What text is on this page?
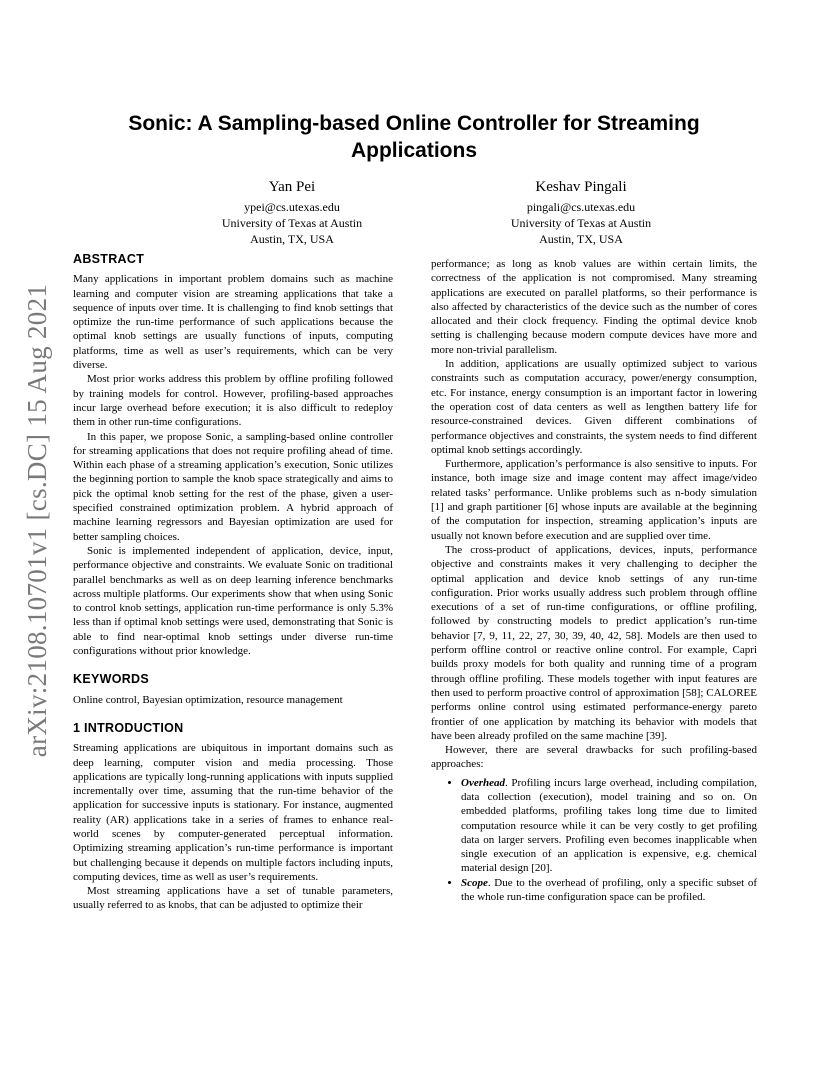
arXiv:2108.10701v1 [cs.DC] 15 Aug 2021
Sonic: A Sampling-based Online Controller for Streaming Applications
Yan Pei
ypei@cs.utexas.edu
University of Texas at Austin
Austin, TX, USA
Keshav Pingali
pingali@cs.utexas.edu
University of Texas at Austin
Austin, TX, USA
ABSTRACT

Many applications in important problem domains such as machine learning and computer vision are streaming applications that take a sequence of inputs over time. It is challenging to find knob settings that optimize the run-time performance of such applications because the optimal knob settings are usually functions of inputs, computing platforms, time as well as user’s requirements, which can be very diverse.

Most prior works address this problem by offline profiling followed by training models for control. However, profiling-based approaches incur large overhead before execution; it is also difficult to redeploy them in other run-time configurations.

In this paper, we propose Sonic, a sampling-based online controller for streaming applications that does not require profiling ahead of time. Within each phase of a streaming application’s execution, Sonic utilizes the beginning portion to sample the knob space strategically and aims to pick the optimal knob setting for the rest of the phase, given a user-specified constrained optimization problem. A hybrid approach of machine learning regressors and Bayesian optimization are used for better sampling choices.

Sonic is implemented independent of application, device, input, performance objective and constraints. We evaluate Sonic on traditional parallel benchmarks as well as on deep learning inference benchmarks across multiple platforms. Our experiments show that when using Sonic to control knob settings, application run-time performance is only 5.3% less than if optimal knob settings were used, demonstrating that Sonic is able to find near-optimal knob settings under diverse run-time configurations without prior knowledge.

KEYWORDS

Online control, Bayesian optimization, resource management

1 INTRODUCTION

Streaming applications are ubiquitous in important domains such as deep learning, computer vision and media processing. Those applications are typically long-running applications with inputs supplied incrementally over time, assuming that the run-time behavior of the application for successive inputs is stationary. For instance, augmented reality (AR) applications take in a series of frames to enhance real-world scenes by computer-generated perceptual information. Optimizing streaming application’s run-time performance is important but challenging because it depends on multiple factors including inputs, computing devices, time as well as user’s requirements.

Most streaming applications have a set of tunable parameters, usually referred to as knobs, that can be adjusted to optimize their

performance; as long as knob values are within certain limits, the correctness of the application is not compromised. Many streaming applications are executed on parallel platforms, so their performance is also affected by characteristics of the device such as the number of cores allocated and their clock frequency. Finding the optimal device knob setting is challenging because modern compute devices have more and more non-trivial parallelism.

In addition, applications are usually optimized subject to various constraints such as computation accuracy, power/energy consumption, etc. For instance, energy consumption is an important factor in lowering the operation cost of data centers as well as lengthen battery life for resource-constrained devices. Given different combinations of performance objectives and constraints, the system needs to find different optimal knob settings accordingly.

Furthermore, application’s performance is also sensitive to inputs. For instance, both image size and image content may affect image/video related tasks’ performance. Unlike problems such as n-body simulation [1] and graph partitioner [6] whose inputs are available at the beginning of the computation for inspection, streaming application’s inputs are usually not known before execution and are supplied over time.

The cross-product of applications, devices, inputs, performance objective and constraints makes it very challenging to decipher the optimal application and device knob settings of any run-time configuration. Prior works usually address such problem through offline executions of a set of run-time configurations, or offline profiling, followed by constructing models to predict application’s run-time behavior [7, 9, 11, 22, 27, 30, 39, 40, 42, 58]. Models are then used to perform offline control or reactive online control. For example, Capri builds proxy models for both quality and running time of a program through offline profiling. These models together with input features are then used to perform proactive control of approximation [58]; CALOREE performs online control using estimated performance-energy pareto frontier of one application by matching its behavior with models that have been already profiled on the same machine [39].

However, there are several drawbacks for such profiling-based approaches:

• Overhead. Profiling incurs large overhead, including compilation, data collection (execution), model training and so on. On embedded platforms, profiling takes long time due to limited computation resource while it can be very costly to get profiling data on larger servers. Profiling even becomes inapplicable when single execution of an application is expensive, e.g. chemical material design [20].
• Scope. Due to the overhead of profiling, only a specific subset of the whole run-time configuration space can be profiled.
